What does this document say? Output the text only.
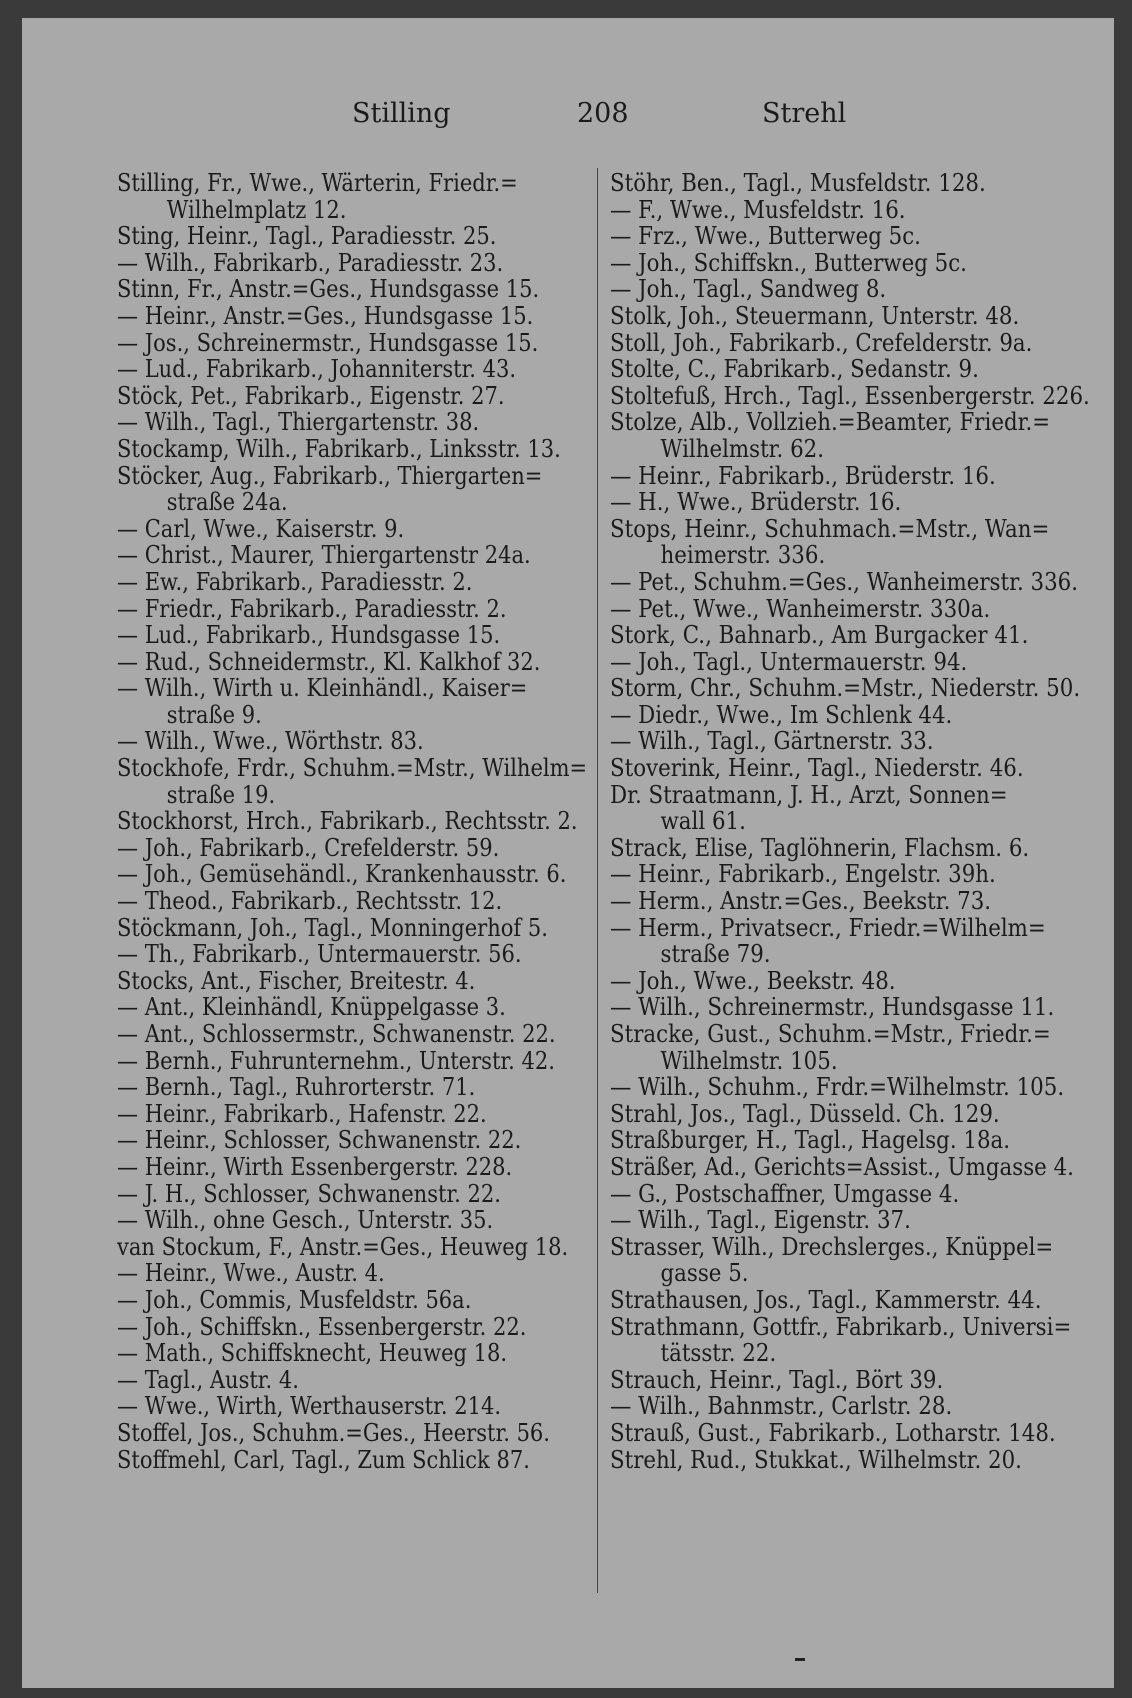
Stilling	208	Strehl
Stilling, Fr., Wwe., Wärterin, Friedr.=
Wilhelmplatz 12.
Sting, Heinr., Tagl., Paradiesstr. 25.
— Wilh., Fabrikarb., Paradiesstr. 23.
Stinn, Fr., Anstr.=Ges., Hundsgasse 15.
— Heinr., Anstr.=Ges., Hundsgasse 15.
— Jos., Schreinermstr., Hundsgasse 15.
— Lud., Fabrikarb., Johanniterstr. 43.
Stöck, Pet., Fabrikarb., Eigenstr. 27.
— Wilh., Tagl., Thiergartenstr. 38.
Stockamp, Wilh., Fabrikarb., Linksstr. 13.
Stöcker, Aug., Fabrikarb., Thiergarten=
straße 24a.
— Carl, Wwe., Kaiserstr. 9.
— Christ., Maurer, Thiergartenstr 24a.
— Ew., Fabrikarb., Paradiesstr. 2.
— Friedr., Fabrikarb., Paradiesstr. 2.
— Lud., Fabrikarb., Hundsgasse 15.
— Rud., Schneidermstr., Kl. Kalkhof 32.
— Wilh., Wirth u. Kleinhändl., Kaiser=
straße 9.
— Wilh., Wwe., Wörthstr. 83.
Stockhofe, Frdr., Schuhm.=Mstr., Wilhelm=
straße 19.
Stockhorst, Hrch., Fabrikarb., Rechtsstr. 2.
— Joh., Fabrikarb., Crefelderstr. 59.
— Joh., Gemüsehändl., Krankenhausstr. 6.
— Theod., Fabrikarb., Rechtsstr. 12.
Stöckmann, Joh., Tagl., Monningerhof 5.
— Th., Fabrikarb., Untermauerstr. 56.
Stocks, Ant., Fischer, Breitestr. 4.
— Ant., Kleinhändl, Knüppelgasse 3.
— Ant., Schlossermstr., Schwanenstr. 22.
— Bernh., Fuhrunternehm., Unterstr. 42.
— Bernh., Tagl., Ruhrorterstr. 71.
— Heinr., Fabrikarb., Hafenstr. 22.
— Heinr., Schlosser, Schwanenstr. 22.
— Heinr., Wirth Essenbergerstr. 228.
— J. H., Schlosser, Schwanenstr. 22.
— Wilh., ohne Gesch., Unterstr. 35.
van Stockum, F., Anstr.=Ges., Heuweg 18.
— Heinr., Wwe., Austr. 4.
— Joh., Commis, Musfeldstr. 56a.
— Joh., Schiffskn., Essenbergerstr. 22.
— Math., Schiffsknecht, Heuweg 18.
— Tagl., Austr. 4.
— Wwe., Wirth, Werthauserstr. 214.
Stoffel, Jos., Schuhm.=Ges., Heerstr. 56.
Stoffmehl, Carl, Tagl., Zum Schlick 87.
Stöhr, Ben., Tagl., Musfeldstr. 128.
— F., Wwe., Musfeldstr. 16.
— Frz., Wwe., Butterweg 5c.
— Joh., Schiffskn., Butterweg 5c.
— Joh., Tagl., Sandweg 8.
Stolk, Joh., Steuermann, Unterstr. 48.
Stoll, Joh., Fabrikarb., Crefelderstr. 9a.
Stolte, C., Fabrikarb., Sedanstr. 9.
Stoltefuß, Hrch., Tagl., Essenbergerstr. 226.
Stolze, Alb., Vollzieh.=Beamter, Friedr.=
Wilhelmstr. 62.
— Heinr., Fabrikarb., Brüderstr. 16.
— H., Wwe., Brüderstr. 16.
Stops, Heinr., Schuhmach.=Mstr., Wan=
heimerstr. 336.
— Pet., Schuhm.=Ges., Wanheimerstr. 336.
— Pet., Wwe., Wanheimerstr. 330a.
Stork, C., Bahnarb., Am Burgacker 41.
— Joh., Tagl., Untermauerstr. 94.
Storm, Chr., Schuhm.=Mstr., Niederstr. 50.
— Diedr., Wwe., Im Schlenk 44.
— Wilh., Tagl., Gärtnerstr. 33.
Stoverink, Heinr., Tagl., Niederstr. 46.
Dr. Straatmann, J. H., Arzt, Sonnen=
wall 61.
Strack, Elise, Taglöhnerin, Flachsm. 6.
— Heinr., Fabrikarb., Engelstr. 39h.
— Herm., Anstr.=Ges., Beekstr. 73.
— Herm., Privatsecr., Friedr.=Wilhelm=
straße 79.
— Joh., Wwe., Beekstr. 48.
— Wilh., Schreinermstr., Hundsgasse 11.
Stracke, Gust., Schuhm.=Mstr., Friedr.=
Wilhelmstr. 105.
— Wilh., Schuhm., Frdr.=Wilhelmstr. 105.
Strahl, Jos., Tagl., Düsseld. Ch. 129.
Straßburger, H., Tagl., Hagelsg. 18a.
Sträßer, Ad., Gerichts=Assist., Umgasse 4.
— G., Postschaffner, Umgasse 4.
— Wilh., Tagl., Eigenstr. 37.
Strasser, Wilh., Drechslerges., Knüppel=
gasse 5.
Strathausen, Jos., Tagl., Kammerstr. 44.
Strathmann, Gottfr., Fabrikarb., Universi=
tätsstr. 22.
Strauch, Heinr., Tagl., Bört 39.
— Wilh., Bahnmstr., Carlstr. 28.
Strauß, Gust., Fabrikarb., Lotharstr. 148.
Strehl, Rud., Stukkat., Wilhelmstr. 20.
